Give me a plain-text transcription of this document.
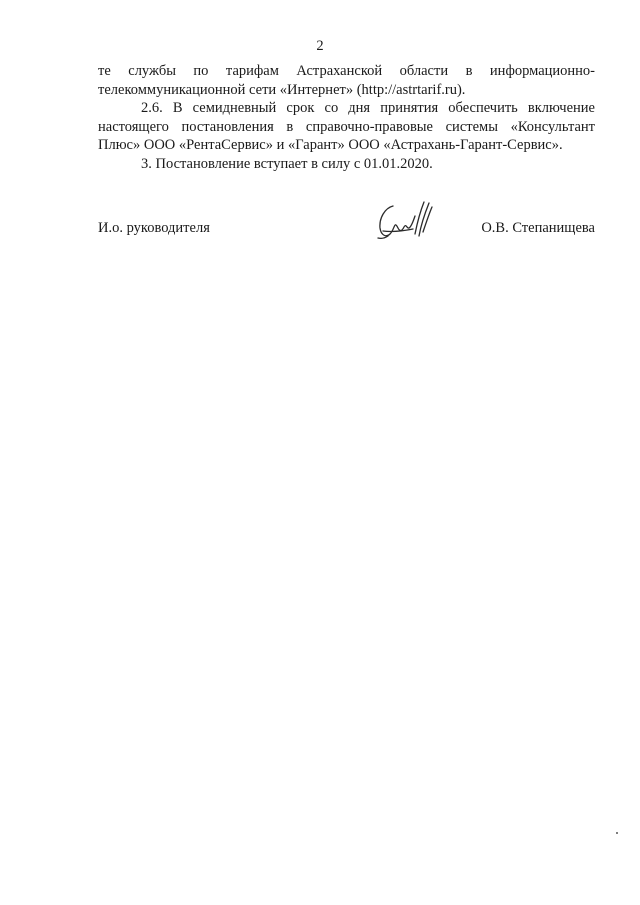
2

те службы по тарифам Астраханской области в информационно-телекоммуникационной сети «Интернет» (http://astrtarif.ru).

2.6. В семидневный срок со дня принятия обеспечить включение настоящего постановления в справочно-правовые системы «Консультант Плюс» ООО «РентаСервис» и «Гарант» ООО «Астрахань-Гарант-Сервис».

3. Постановление вступает в силу с 01.01.2020.

И.о. руководителя	О.В. Степанищева
